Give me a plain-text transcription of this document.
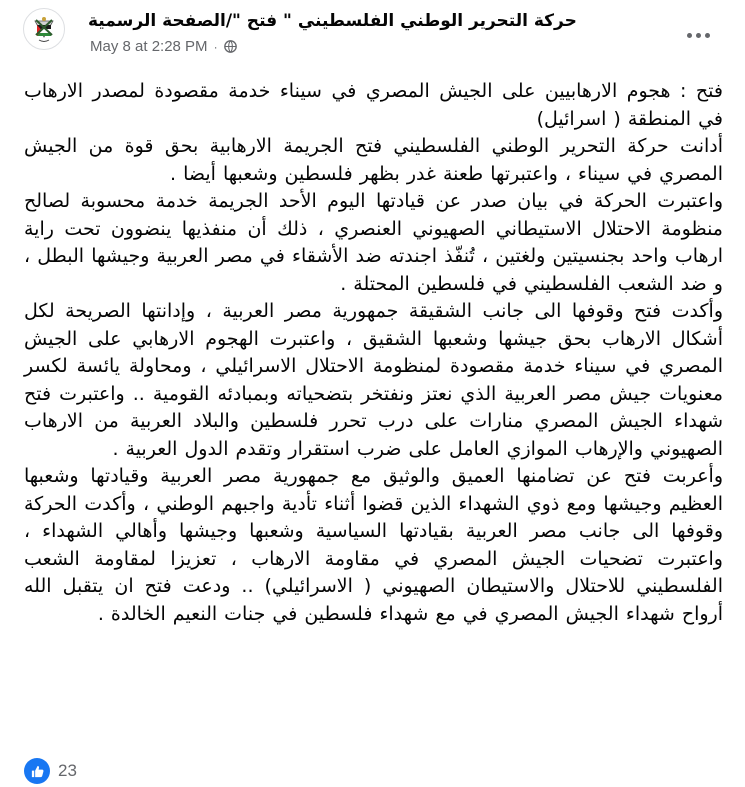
حركة التحرير الوطني الفلسطيني " فتح "/الصفحة الرسمية
May 8 at 2:28 PM ·

فتح : هجوم الارهابيين على الجيش المصري في سيناء خدمة مقصودة لمصدر الارهاب في المنطقة ( اسرائيل)
أدانت حركة التحرير الوطني الفلسطيني فتح الجريمة الارهابية بحق قوة من الجيش المصري في سيناء ، واعتبرتها طعنة غدر بظهر فلسطين وشعبها أيضا .
واعتبرت الحركة في بيان صدر عن قيادتها اليوم الأحد الجريمة خدمة محسوبة لصالح منظومة الاحتلال الاستيطاني الصهيوني العنصري ، ذلك أن منفذيها ينضوون تحت راية ارهاب واحد بجنسيتين ولغتين ، تُنفّذ اجندته ضد الأشقاء في مصر العربية وجيشها البطل ، و ضد الشعب الفلسطيني في فلسطين المحتلة .
وأكدت فتح وقوفها الى جانب الشقيقة جمهورية مصر العربية ، وإدانتها الصريحة لكل أشكال الارهاب بحق جيشها وشعبها الشقيق ، واعتبرت الهجوم الارهابي على الجيش المصري في سيناء خدمة مقصودة لمنظومة الاحتلال الاسرائيلي ، ومحاولة يائسة لكسر معنويات جيش مصر العربية الذي نعتز ونفتخر بتضحياته وبمبادئه القومية .. واعتبرت فتح شهداء الجيش المصري منارات على درب تحرر فلسطين والبلاد العربية من الارهاب الصهيوني والإرهاب الموازي العامل على ضرب استقرار وتقدم الدول العربية .
وأعربت فتح عن تضامنها العميق والوثيق مع جمهورية مصر العربية وقيادتها وشعبها العظيم وجيشها ومع ذوي الشهداء الذين قضوا أثناء تأدية واجبهم الوطني ، وأكدت الحركة وقوفها الى جانب مصر العربية بقيادتها السياسية وشعبها وجيشها وأهالي الشهداء ، واعتبرت تضحيات الجيش المصري في مقاومة الارهاب ، تعزيزا لمقاومة الشعب الفلسطيني للاحتلال والاستيطان الصهيوني ( الاسرائيلي) .. ودعت فتح ان يتقبل الله أرواح شهداء الجيش المصري في مع شهداء فلسطين في جنات النعيم الخالدة .

23
